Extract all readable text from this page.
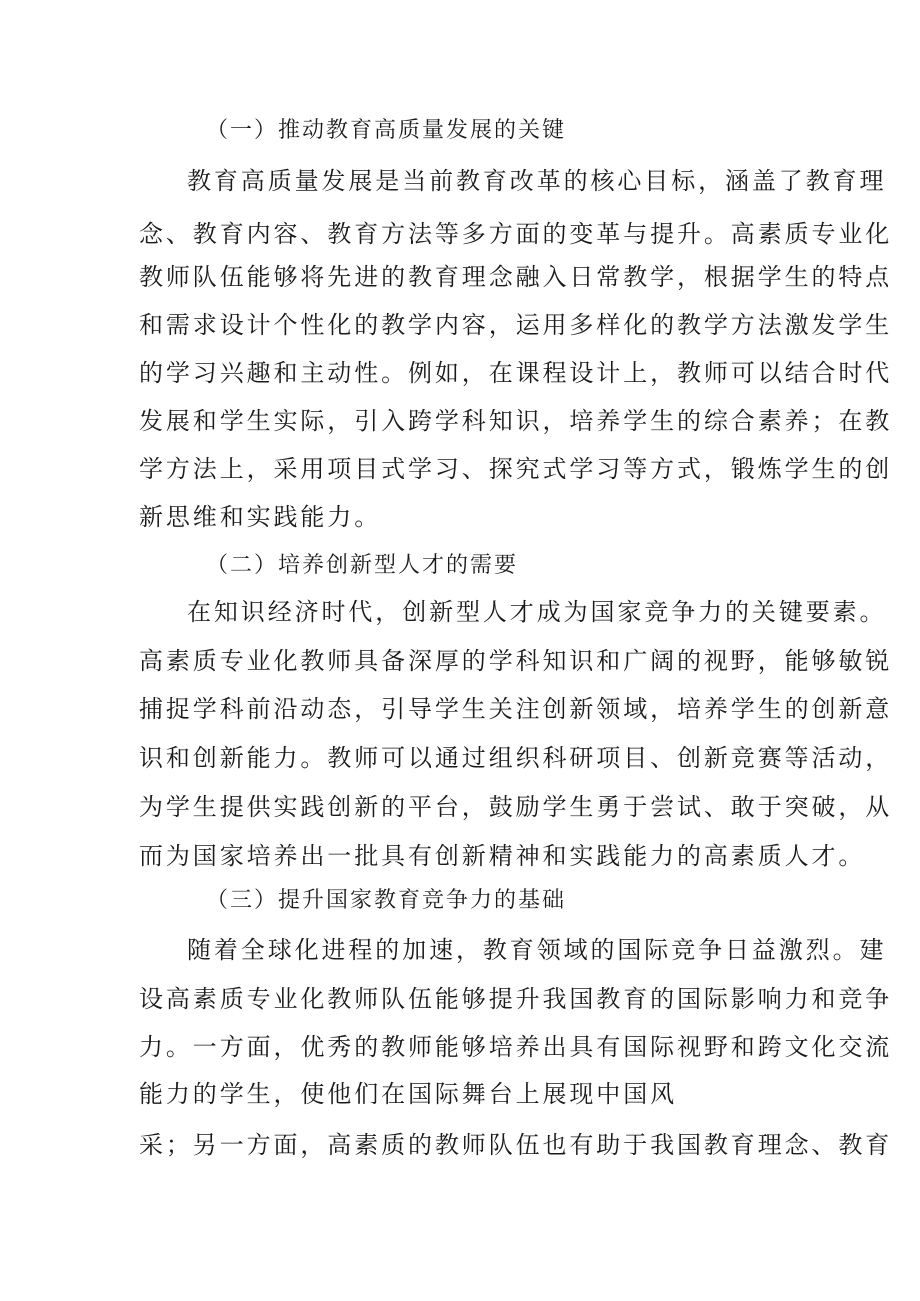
（一）推动教育高质量发展的关键
教育高质量发展是当前教育改革的核心目标，涵盖了教育理
念、教育内容、教育方法等多方面的变革与提升。高素质专业化
教师队伍能够将先进的教育理念融入日常教学，根据学生的特点
和需求设计个性化的教学内容，运用多样化的教学方法激发学生
的学习兴趣和主动性。例如，在课程设计上，教师可以结合时代
发展和学生实际，引入跨学科知识，培养学生的综合素养；在教
学方法上，采用项目式学习、探究式学习等方式，锻炼学生的创
新思维和实践能力。
（二）培养创新型人才的需要
在知识经济时代，创新型人才成为国家竞争力的关键要素。
高素质专业化教师具备深厚的学科知识和广阔的视野，能够敏锐
捕捉学科前沿动态，引导学生关注创新领域，培养学生的创新意
识和创新能力。教师可以通过组织科研项目、创新竞赛等活动，
为学生提供实践创新的平台，鼓励学生勇于尝试、敢于突破，从
而为国家培养出一批具有创新精神和实践能力的高素质人才。
（三）提升国家教育竞争力的基础
随着全球化进程的加速，教育领域的国际竞争日益激烈。建
设高素质专业化教师队伍能够提升我国教育的国际影响力和竞争
力。一方面，优秀的教师能够培养出具有国际视野和跨文化交流
能力的学生，使他们在国际舞台上展现中国风
采；另一方面，高素质的教师队伍也有助于我国教育理念、教育
